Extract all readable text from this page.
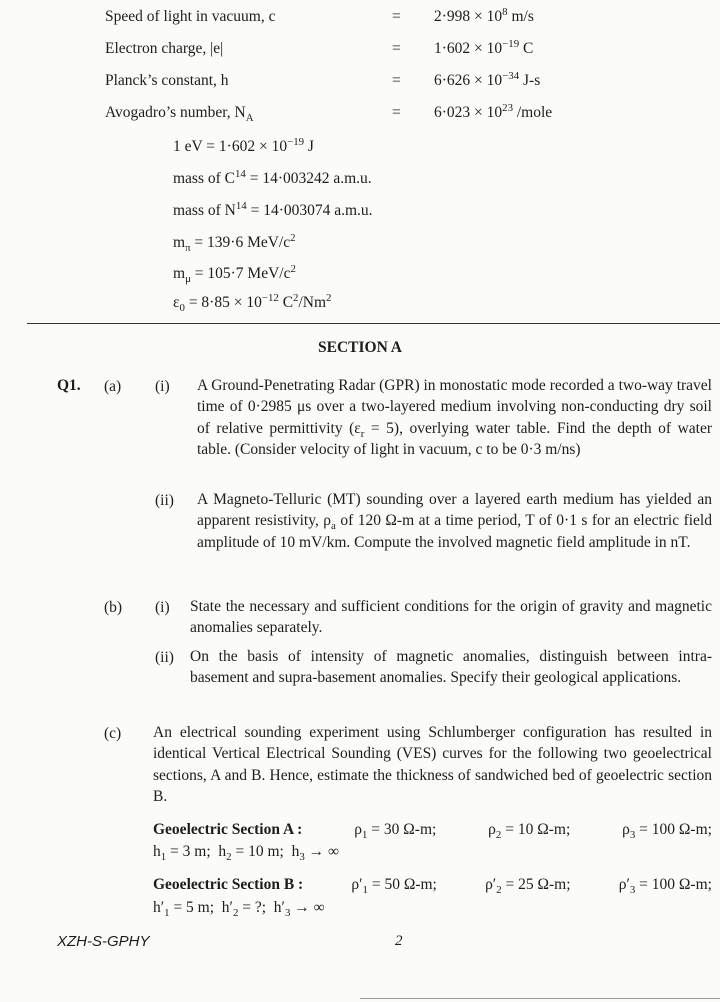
Speed of light in vacuum, c	= $2\cdot 998 \times 10^8$ m/s
Electron charge, |e|	= $1\cdot 602 \times 10^{-19}$ C
Planck’s constant, h	= $6\cdot 626 \times 10^{-34}$ J-s
Avogadro’s number, $N_A$	= $6\cdot 023 \times 10^{23}$ /mole
1 eV = $1\cdot 602 \times 10^{-19}$ J
mass of $C^{14} = 14\cdot 003242$ a.m.u.
mass of $N^{14} = 14\cdot 003074$ a.m.u.
$m_\pi = 139\cdot 6$ MeV/$c^2$
$m_\mu = 105\cdot 7$ MeV/$c^2$
$\varepsilon_0 = 8\cdot 85 \times 10^{-12}$ $C^2/Nm^2$
SECTION A
Q1. (a) (i) A Ground-Penetrating Radar (GPR) in monostatic mode recorded a two-way travel time of 0·2985 μs over a two-layered medium involving non-conducting dry soil of relative permittivity $(\varepsilon_r = 5)$, overlying water table. Find the depth of water table. (Consider velocity of light in vacuum, c to be 0·3 m/ns)
(ii) A Magneto-Telluric (MT) sounding over a layered earth medium has yielded an apparent resistivity, $\rho_a$ of 120 Ω-m at a time period, T of 0·1 s for an electric field amplitude of 10 mV/km. Compute the involved magnetic field amplitude in nT.
(b) (i) State the necessary and sufficient conditions for the origin of gravity and magnetic anomalies separately.
(ii) On the basis of intensity of magnetic anomalies, distinguish between intra-basement and supra-basement anomalies. Specify their geological applications.
(c) An electrical sounding experiment using Schlumberger configuration has resulted in identical Vertical Electrical Sounding (VES) curves for the following two geoelectrical sections, A and B. Hence, estimate the thickness of sandwiched bed of geoelectric section B.
Geoelectric Section A :	$\rho_1 = 30$ Ω-m;	$\rho_2 = 10$ Ω-m;	$\rho_3 = 100$ Ω-m;
$h_1 = 3$ m; $h_2 = 10$ m; $h_3$ → ∞
Geoelectric Section B :	$\rho'_1 = 50$ Ω-m;	$\rho'_2 = 25$ Ω-m;	$\rho'_3 = 100$ Ω-m;
$h'_1 = 5$ m; $h'_2$ = ?; $h'_3$ → ∞
XZH-S-GPHY	2
